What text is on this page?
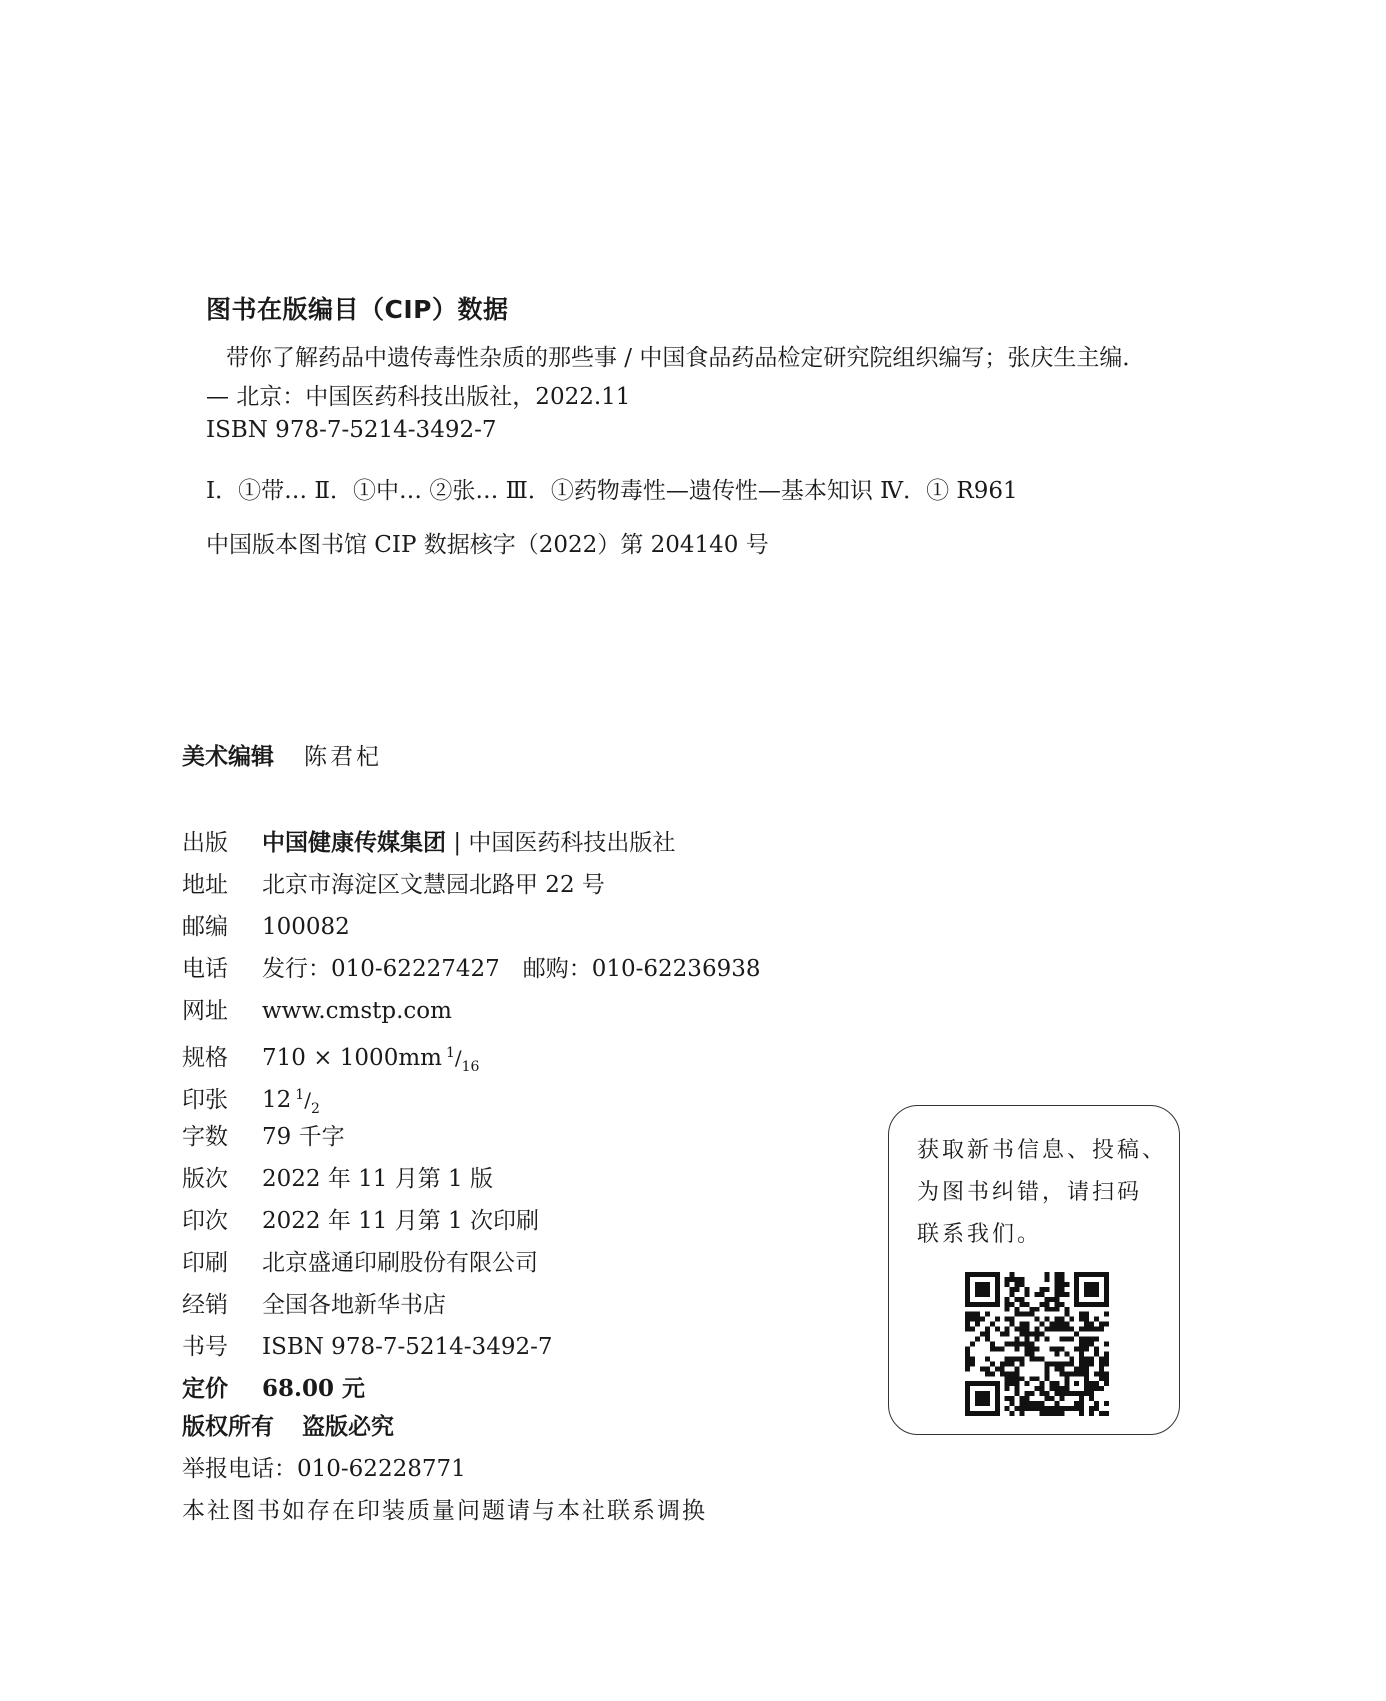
图书在版编目（CIP）数据
带你了解药品中遗传毒性杂质的那些事 / 中国食品药品检定研究院组织编写；张庆生主编．
— 北京：中国医药科技出版社，2022.11
ISBN 978-7-5214-3492-7
Ⅰ．①带… Ⅱ．①中… ②张… Ⅲ．①药物毒性—遗传性—基本知识 Ⅳ．① R961
中国版本图书馆 CIP 数据核字（2022）第 204140 号
美术编辑 陈君杞
出版 中国健康传媒集团 | 中国医药科技出版社
地址 北京市海淀区文慧园北路甲 22 号
邮编 100082
电话 发行：010-62227427　邮购：010-62236938
网址 www.cmstp.com
规格 710 × 1000mm $^1/_{16}$
印张 12 $^1/_2$
字数 79 千字
版次 2022 年 11 月第 1 版
印次 2022 年 11 月第 1 次印刷
印刷 北京盛通印刷股份有限公司
经销 全国各地新华书店
书号 ISBN 978-7-5214-3492-7
定价 68.00 元
版权所有 盗版必究
举报电话：010-62228771
本社图书如存在印装质量问题请与本社联系调换
获取新书信息、投稿、
为图书纠错，请扫码
联系我们。
